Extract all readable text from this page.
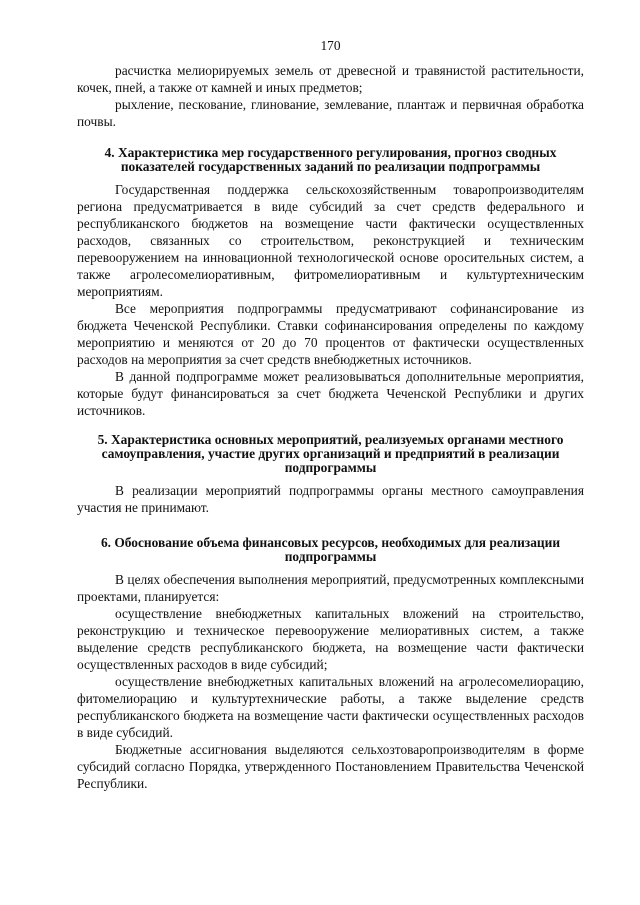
170

расчистка мелиорируемых земель от древесной и травянистой растительности, кочек, пней, а также от камней и иных предметов;

рыхление, пескование, глинование, землевание, плантаж и первичная обработка почвы.

4. Характеристика мер государственного регулирования, прогноз сводных показателей государственных заданий по реализации подпрограммы

Государственная поддержка сельскохозяйственным товаропроизводителям региона предусматривается в виде субсидий за счет средств федерального и республиканского бюджетов на возмещение части фактически осуществленных расходов, связанных со строительством, реконструкцией и техническим перевооружением на инновационной технологической основе оросительных систем, а также агролесомелиоративным, фитромелиоративным и культуртехническим мероприятиям.

Все мероприятия подпрограммы предусматривают софинансирование из бюджета Чеченской Республики. Ставки софинансирования определены по каждому мероприятию и меняются от 20 до 70 процентов от фактически осуществленных расходов на мероприятия за счет средств внебюджетных источников.

В данной подпрограмме может реализовываться дополнительные мероприятия, которые будут финансироваться за счет бюджета Чеченской Республики и других источников.

5. Характеристика основных мероприятий, реализуемых органами местного самоуправления, участие других организаций и предприятий в реализации подпрограммы

В реализации мероприятий подпрограммы органы местного самоуправления участия не принимают.

6. Обоснование объема финансовых ресурсов, необходимых для реализации подпрограммы

В целях обеспечения выполнения мероприятий, предусмотренных комплексными проектами, планируется:

осуществление внебюджетных капитальных вложений на строительство, реконструкцию и техническое перевооружение мелиоративных систем, а также выделение средств республиканского бюджета, на возмещение части фактически осуществленных расходов в виде субсидий;

осуществление внебюджетных капитальных вложений на агролесомелиорацию, фитомелиорацию и культуртехнические работы, а также выделение средств республиканского бюджета на возмещение части фактически осуществленных расходов в виде субсидий.

Бюджетные ассигнования выделяются сельхозтоваропроизводителям в форме субсидий согласно Порядка, утвержденного Постановлением Правительства Чеченской Республики.
